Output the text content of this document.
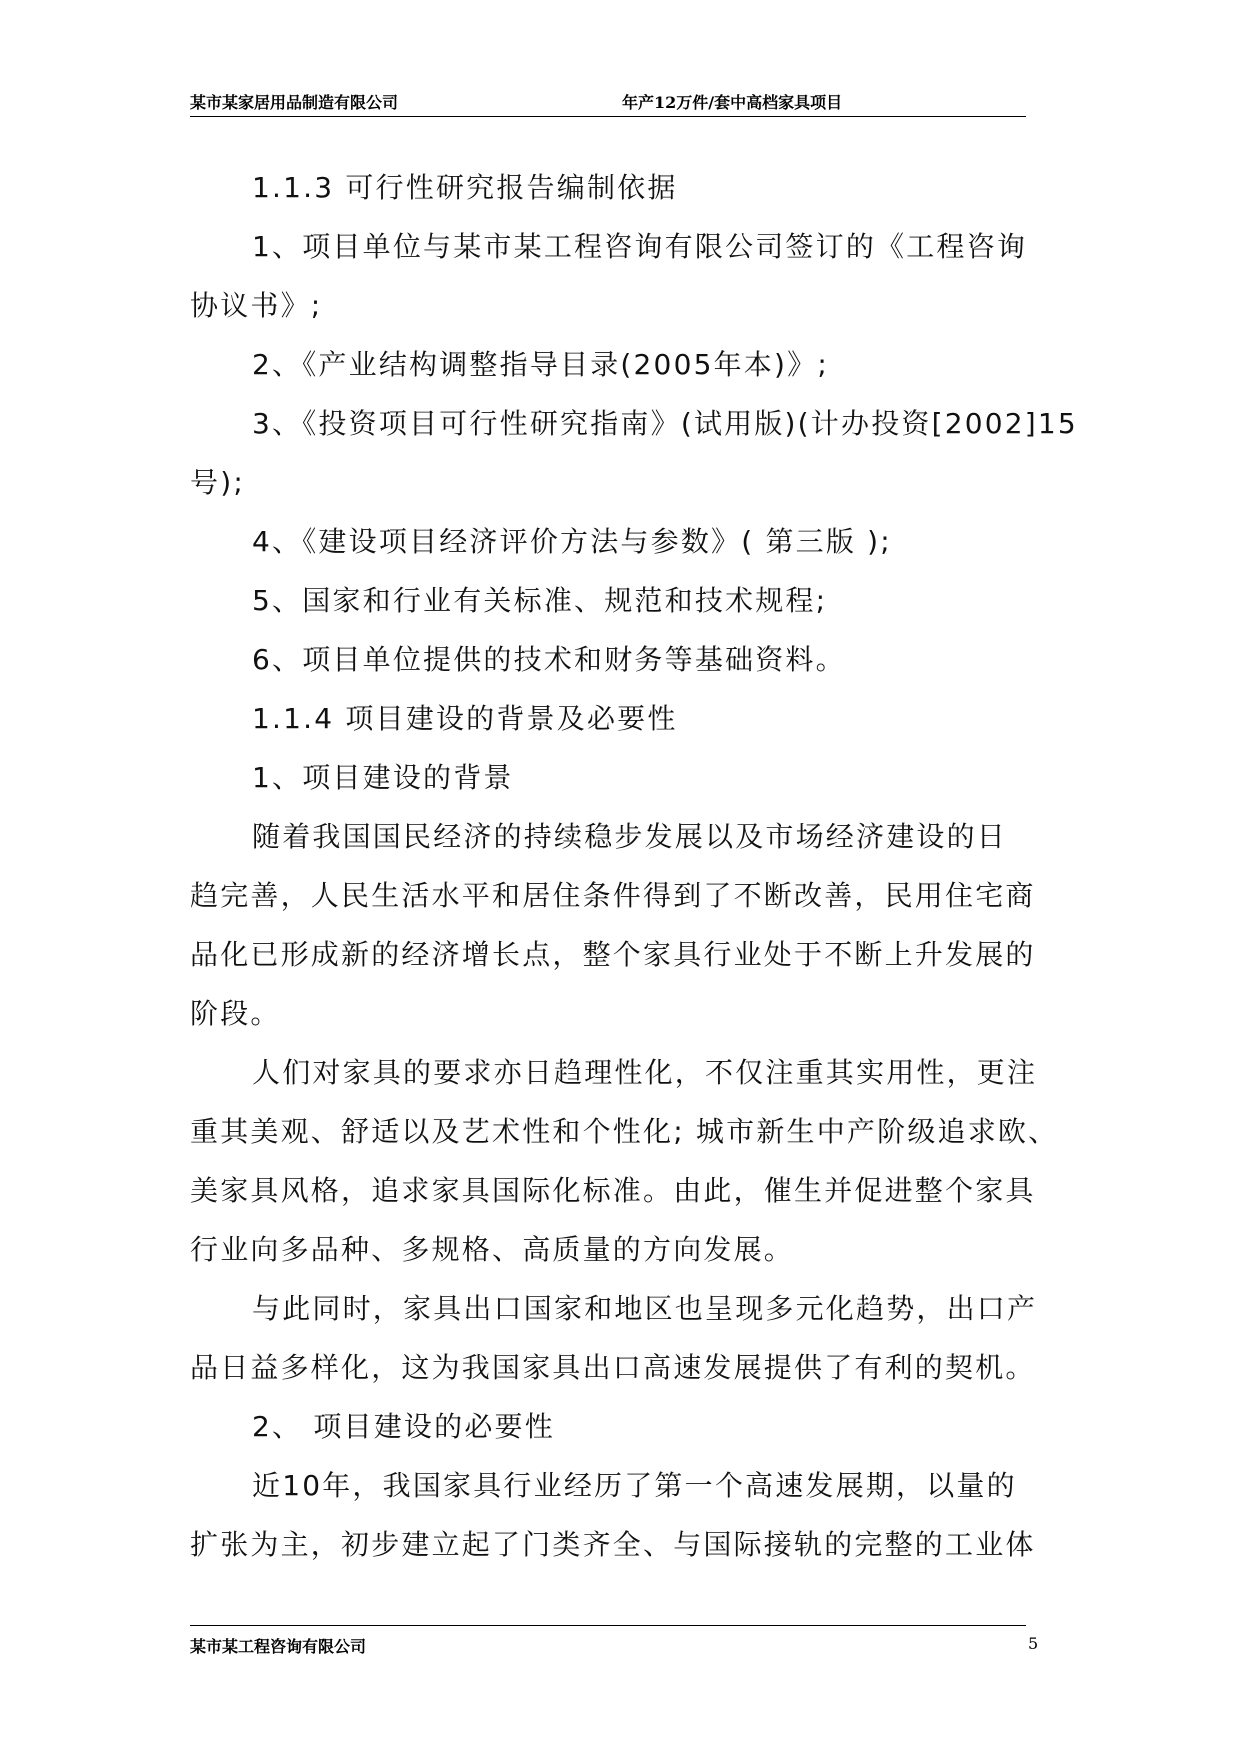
某市某家居用品制造有限公司	年产12万件/套中高档家具项目

1.1.3 可行性研究报告编制依据

1、项目单位与某市某工程咨询有限公司签订的《工程咨询

协议书》;

2、《产业结构调整指导目录(2005年本)》;

3、《投资项目可行性研究指南》(试用版)(计办投资[2002]15

号);

4、《建设项目经济评价方法与参数》( 第三版 );

5、国家和行业有关标准、规范和技术规程;

6、项目单位提供的技术和财务等基础资料。

1.1.4 项目建设的背景及必要性

1、项目建设的背景

随着我国国民经济的持续稳步发展以及市场经济建设的日

趋完善，人民生活水平和居住条件得到了不断改善，民用住宅商

品化已形成新的经济增长点，整个家具行业处于不断上升发展的

阶段。

人们对家具的要求亦日趋理性化，不仅注重其实用性，更注

重其美观、舒适以及艺术性和个性化; 城市新生中产阶级追求欧、

美家具风格，追求家具国际化标准。由此，催生并促进整个家具

行业向多品种、多规格、高质量的方向发展。

与此同时，家具出口国家和地区也呈现多元化趋势，出口产

品日益多样化，这为我国家具出口高速发展提供了有利的契机。

2、 项目建设的必要性

近10年，我国家具行业经历了第一个高速发展期，以量的

扩张为主，初步建立起了门类齐全、与国际接轨的完整的工业体

某市某工程咨询有限公司	5
